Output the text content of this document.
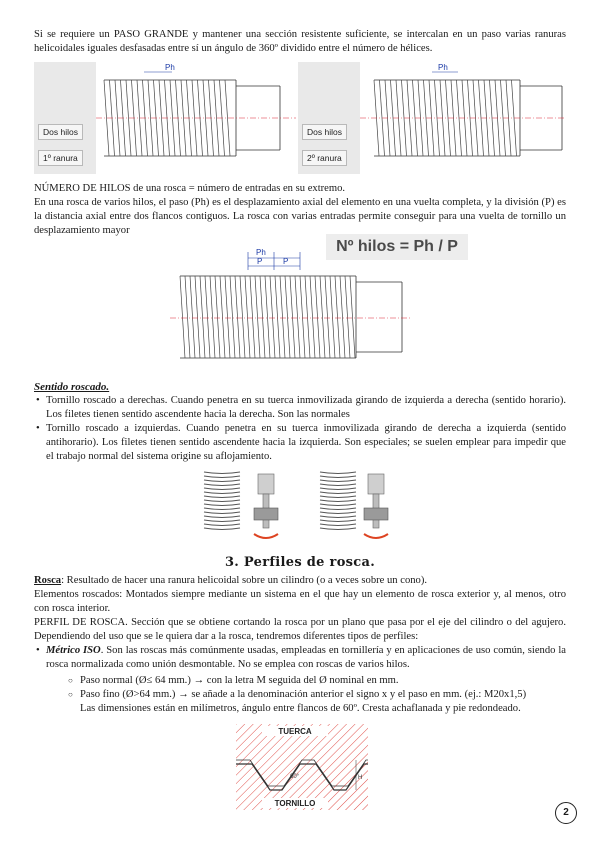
Si se requiere un PASO GRANDE y mantener una sección resistente suficiente, se intercalan en un paso varias ranuras helicoidales iguales desfasadas entre sí un ángulo de 360º dividido entre el número de hélices.

Ph
Dos hilos
1º ranura
Ph
Dos hilos
2º ranura

NÚMERO DE HILOS de una rosca = número de entradas en su extremo.

En una rosca de varios hilos, el paso (Ph) es el desplazamiento axial del elemento en una vuelta completa, y la división (P) es la distancia axial entre dos flancos contiguos. La rosca con varias entradas permite conseguir para una vuelta de tornillo un desplazamiento mayor

Nº hilos = Ph / P
Ph
P	P
Sentido roscado.
• Tornillo roscado a derechas. Cuando penetra en su tuerca inmovilizada girando de izquierda a derecha (sentido horario). Los filetes tienen sentido ascendente hacia la derecha. Son las normales
• Tornillo roscado a izquierdas. Cuando penetra en su tuerca inmovilizada girando de derecha a izquierda (sentido antihorario). Los filetes tienen sentido ascendente hacia la izquierda. Son especiales; se suelen emplear para impedir que el trabajo normal del sistema origine su aflojamiento.
3. Perfiles de rosca.

Rosca: Resultado de hacer una ranura helicoidal sobre un cilindro (o a veces sobre un cono).

Elementos roscados: Montados siempre mediante un sistema en el que hay un elemento de rosca exterior y, al menos, otro con rosca interior.

PERFIL DE ROSCA. Sección que se obtiene cortando la rosca por un plano que pasa por el eje del cilindro o del agujero. Dependiendo del uso que se le quiera dar a la rosca, tendremos diferentes tipos de perfiles:

• Métrico ISO. Son las roscas más comúnmente usadas, empleadas en tornillería y en aplicaciones de uso común, siendo la rosca normalizada como unión desmontable. No se emplea con roscas de varios hilos.
○ Paso normal (Ø≤ 64 mm.) → con la letra M seguida del Ø nominal en mm.
○ Paso fino (Ø>64 mm.) → se añade a la denominación anterior el signo x y el paso en mm. (ej.: M20x1,5)

Las dimensiones están en milímetros, ángulo entre flancos de 60º. Cresta achaflanada y pie redondeado.

TUERCA
TORNILLO
60°	H
2
